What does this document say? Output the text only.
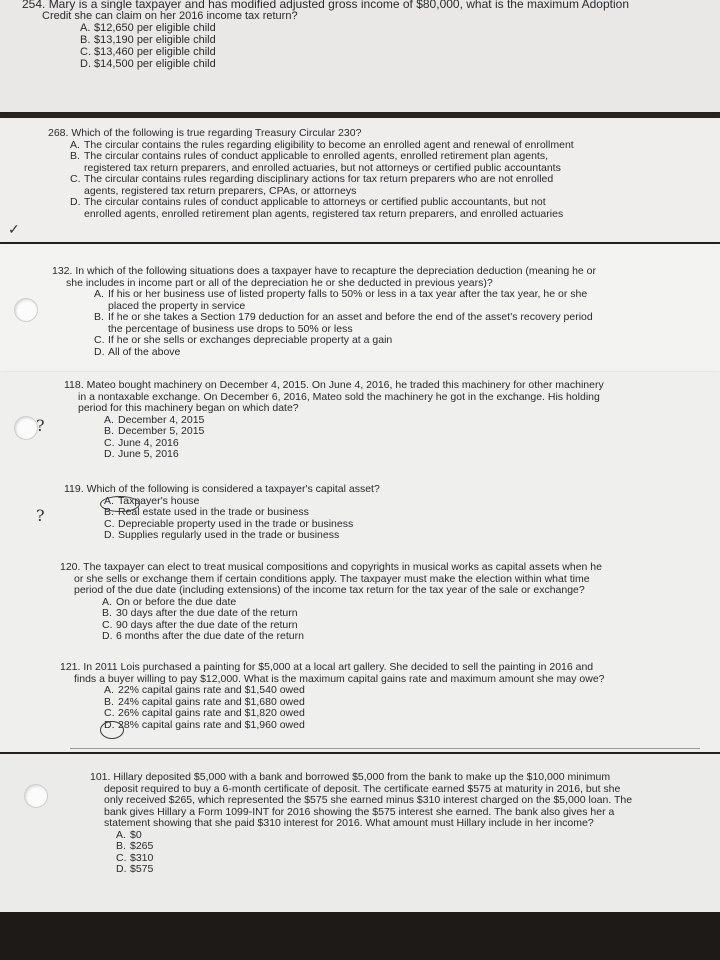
254. Mary is a single taxpayer and has modified adjusted gross income of $80,000, what is the maximum Adoption

Credit she can claim on her 2016 income tax return?

A. $12,650 per eligible child
B. $13,190 per eligible child
C. $13,460 per eligible child
D. $14,500 per eligible child

268. Which of the following is true regarding Treasury Circular 230?

A. The circular contains the rules regarding eligibility to become an enrolled agent and renewal of enrollment
B. The circular contains rules of conduct applicable to enrolled agents, enrolled retirement plan agents,
registered tax return preparers, and enrolled actuaries, but not attorneys or certified public accountants
C. The circular contains rules regarding disciplinary actions for tax return preparers who are not enrolled
agents, registered tax return preparers, CPAs, or attorneys
D. The circular contains rules of conduct applicable to attorneys or certified public accountants, but not
enrolled agents, enrolled retirement plan agents, registered tax return preparers, and enrolled actuaries
✓

132. In which of the following situations does a taxpayer have to recapture the depreciation deduction (meaning he or

she includes in income part or all of the depreciation he or she deducted in previous years)?

A. If his or her business use of listed property falls to 50% or less in a tax year after the tax year, he or she
placed the property in service
B. If he or she takes a Section 179 deduction for an asset and before the end of the asset's recovery period
the percentage of business use drops to 50% or less
C. If he or she sells or exchanges depreciable property at a gain
D. All of the above

118. Mateo bought machinery on December 4, 2015. On June 4, 2016, he traded this machinery for other machinery

in a nontaxable exchange. On December 6, 2016, Mateo sold the machinery he got in the exchange. His holding

period for this machinery began on which date?

A. December 4, 2015
B. December 5, 2015
C. June 4, 2016
D. June 5, 2016
?

119. Which of the following is considered a taxpayer's capital asset?

A. Taxpayer's house
B. Real estate used in the trade or business
C. Depreciable property used in the trade or business
D. Supplies regularly used in the trade or business
?

120. The taxpayer can elect to treat musical compositions and copyrights in musical works as capital assets when he

or she sells or exchange them if certain conditions apply. The taxpayer must make the election within what time

period of the due date (including extensions) of the income tax return for the tax year of the sale or exchange?

A. On or before the due date
B. 30 days after the due date of the return
C. 90 days after the due date of the return
D. 6 months after the due date of the return

121. In 2011 Lois purchased a painting for $5,000 at a local art gallery. She decided to sell the painting in 2016 and

finds a buyer willing to pay $12,000. What is the maximum capital gains rate and maximum amount she may owe?

A. 22% capital gains rate and $1,540 owed
B. 24% capital gains rate and $1,680 owed
C. 26% capital gains rate and $1,820 owed
D. 28% capital gains rate and $1,960 owed

101. Hillary deposited $5,000 with a bank and borrowed $5,000 from the bank to make up the $10,000 minimum

deposit required to buy a 6-month certificate of deposit. The certificate earned $575 at maturity in 2016, but she

only received $265, which represented the $575 she earned minus $310 interest charged on the $5,000 loan. The

bank gives Hillary a Form 1099-INT for 2016 showing the $575 interest she earned. The bank also gives her a

statement showing that she paid $310 interest for 2016. What amount must Hillary include in her income?

A. $0
B. $265
C. $310
D. $575
